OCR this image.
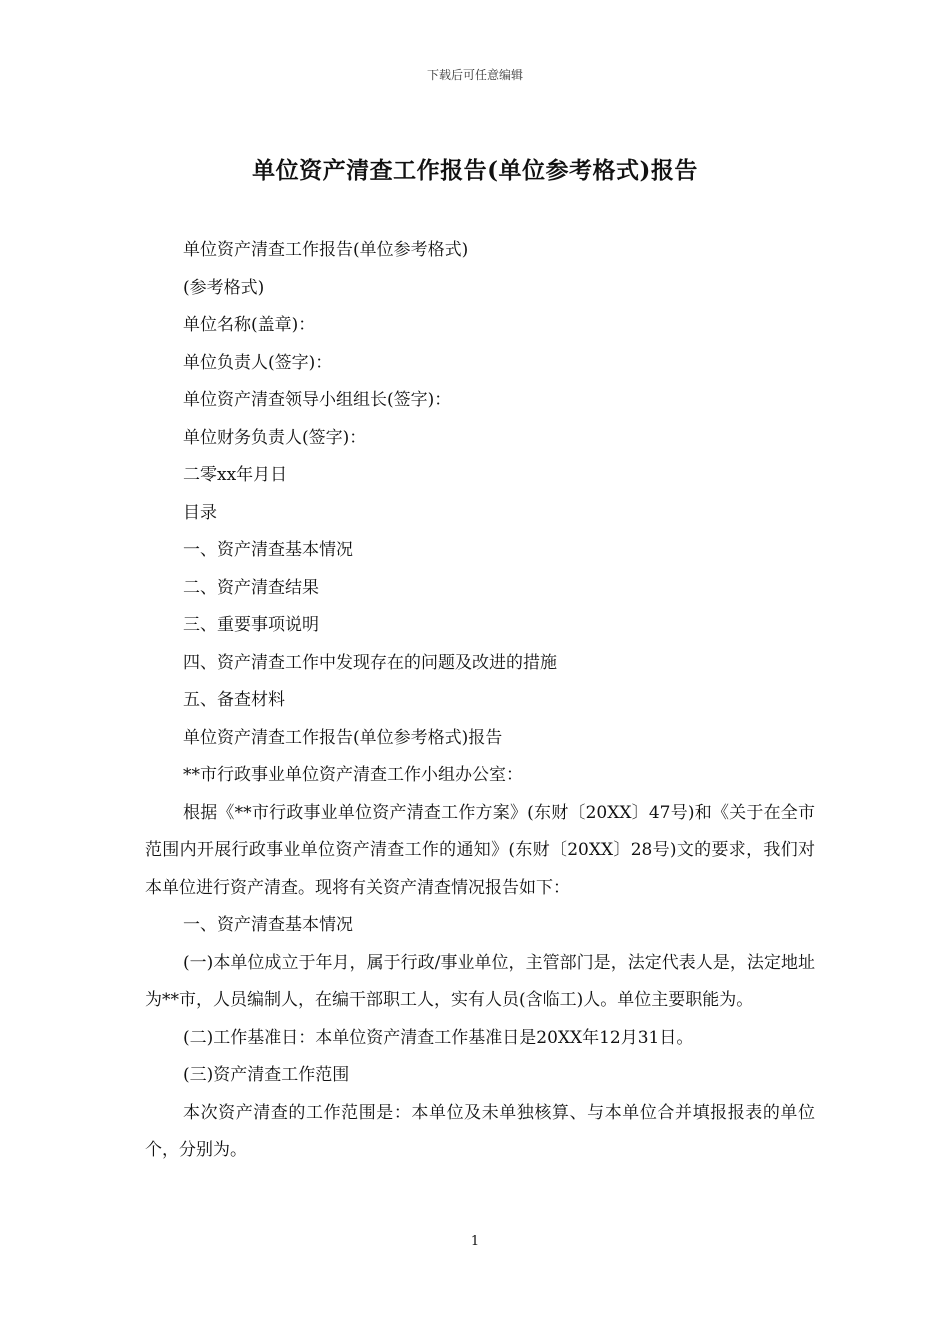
下载后可任意编辑
单位资产清查工作报告(单位参考格式)报告

单位资产清查工作报告(单位参考格式)

(参考格式)

单位名称(盖章)：

单位负责人(签字)：

单位资产清查领导小组组长(签字)：

单位财务负责人(签字)：

二零xx年月日

目录

一、资产清查基本情况

二、资产清查结果

三、重要事项说明

四、资产清查工作中发现存在的问题及改进的措施

五、备查材料

单位资产清查工作报告(单位参考格式)报告

**市行政事业单位资产清查工作小组办公室：

根据《**市行政事业单位资产清查工作方案》(东财〔20XX〕47号)和《关于在全市范围内开展行政事业单位资产清查工作的通知》(东财〔20XX〕28号)文的要求，我们对本单位进行资产清查。现将有关资产清查情况报告如下：

一、资产清查基本情况

(一)本单位成立于年月，属于行政/事业单位，主管部门是，法定代表人是，法定地址为**市，人员编制人，在编干部职工人，实有人员(含临工)人。单位主要职能为。

(二)工作基准日：本单位资产清查工作基准日是20XX年12月31日。

(三)资产清查工作范围

本次资产清查的工作范围是：本单位及未单独核算、与本单位合并填报报表的单位个，分别为。

1
